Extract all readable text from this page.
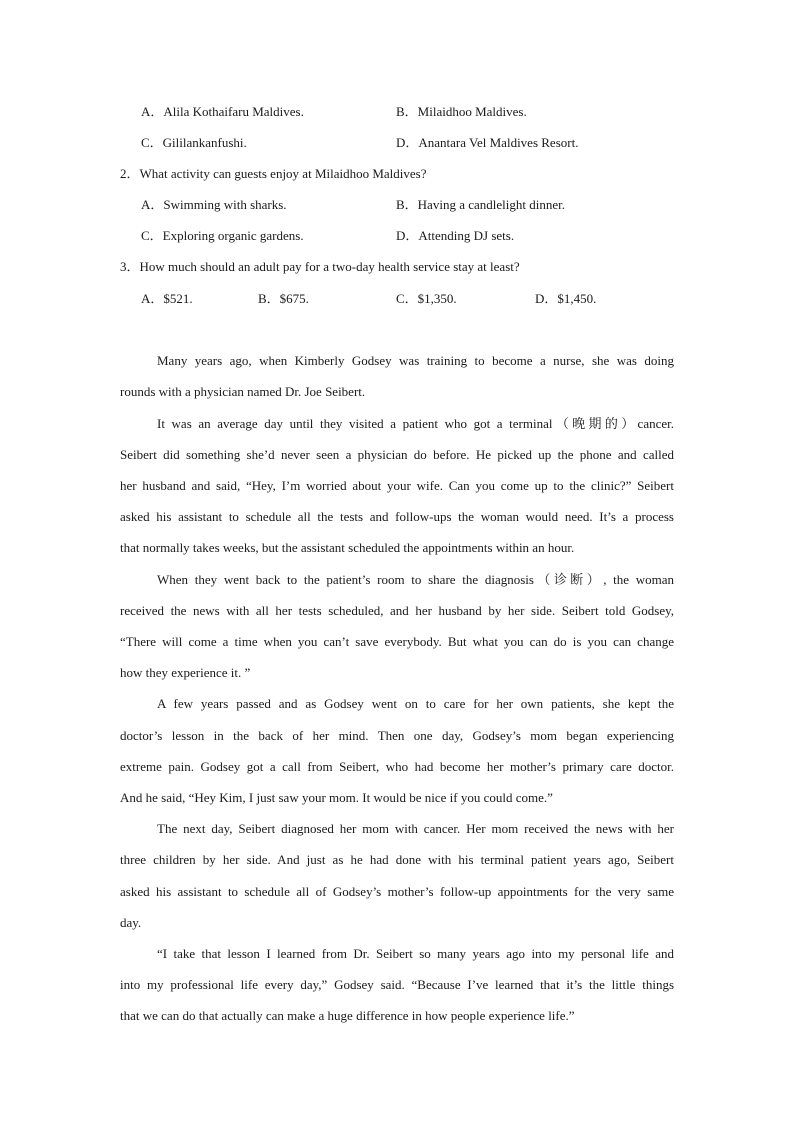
A．Alila Kothaifaru Maldives.	B．Milaidhoo Maldives.
C．Gililankanfushi.	D．Anantara Vel Maldives Resort.
2．What activity can guests enjoy at Milaidhoo Maldives?
A．Swimming with sharks.	B．Having a candlelight dinner.
C．Exploring organic gardens.	D．Attending DJ sets.
3．How much should an adult pay for a two-day health service stay at least?
A．$521.	B．$675.	C．$1,350.	D．$1,450.
Many years ago, when Kimberly Godsey was training to become a nurse, she was doing
rounds with a physician named Dr. Joe Seibert.
It was an average day until they visited a patient who got a terminal（晚期的）cancer.
Seibert did something she’d never seen a physician do before. He picked up the phone and called
her husband and said, “Hey, I’m worried about your wife. Can you come up to the clinic?” Seibert
asked his assistant to schedule all the tests and follow-ups the woman would need. It’s a process
that normally takes weeks, but the assistant scheduled the appointments within an hour.
When they went back to the patient’s room to share the diagnosis（诊断）, the woman
received the news with all her tests scheduled, and her husband by her side. Seibert told Godsey,
“There will come a time when you can’t save everybody. But what you can do is you can change
how they experience it. ”
A few years passed and as Godsey went on to care for her own patients, she kept the
doctor’s lesson in the back of her mind. Then one day, Godsey’s mom began experiencing
extreme pain. Godsey got a call from Seibert, who had become her mother’s primary care doctor.
And he said, “Hey Kim, I just saw your mom. It would be nice if you could come.”
The next day, Seibert diagnosed her mom with cancer. Her mom received the news with her
three children by her side. And just as he had done with his terminal patient years ago, Seibert
asked his assistant to schedule all of Godsey’s mother’s follow-up appointments for the very same
day.
“I take that lesson I learned from Dr. Seibert so many years ago into my personal life and
into my professional life every day,” Godsey said. “Because I’ve learned that it’s the little things
that we can do that actually can make a huge difference in how people experience life.”
